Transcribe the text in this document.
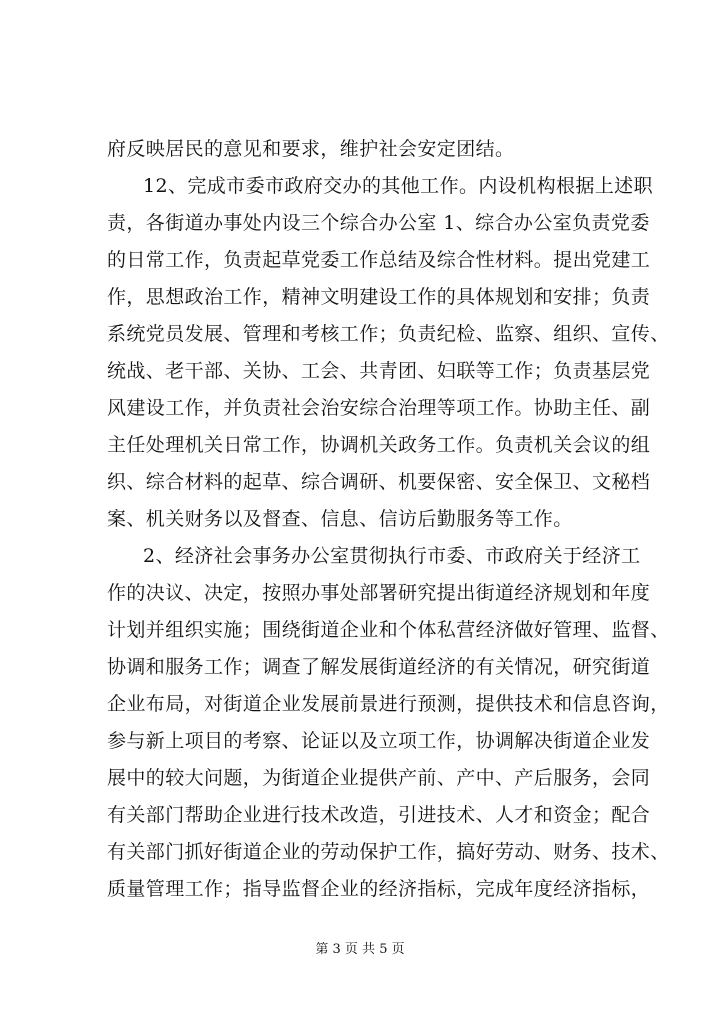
府反映居民的意见和要求，维护社会安定团结。
12、完成市委市政府交办的其他工作。内设机构根据上述职
责，各街道办事处内设三个综合办公室 1、综合办公室负责党委
的日常工作，负责起草党委工作总结及综合性材料。提出党建工
作，思想政治工作，精神文明建设工作的具体规划和安排；负责
系统党员发展、管理和考核工作；负责纪检、监察、组织、宣传、
统战、老干部、关协、工会、共青团、妇联等工作；负责基层党
风建设工作，并负责社会治安综合治理等项工作。协助主任、副
主任处理机关日常工作，协调机关政务工作。负责机关会议的组
织、综合材料的起草、综合调研、机要保密、安全保卫、文秘档
案、机关财务以及督查、信息、信访后勤服务等工作。
2、经济社会事务办公室贯彻执行市委、市政府关于经济工
作的决议、决定，按照办事处部署研究提出街道经济规划和年度
计划并组织实施；围绕街道企业和个体私营经济做好管理、监督、
协调和服务工作；调查了解发展街道经济的有关情况，研究街道
企业布局，对街道企业发展前景进行预测，提供技术和信息咨询，
参与新上项目的考察、论证以及立项工作，协调解决街道企业发
展中的较大问题，为街道企业提供产前、产中、产后服务，会同
有关部门帮助企业进行技术改造，引进技术、人才和资金；配合
有关部门抓好街道企业的劳动保护工作，搞好劳动、财务、技术、
质量管理工作；指导监督企业的经济指标，完成年度经济指标，
第 3 页 共 5 页
